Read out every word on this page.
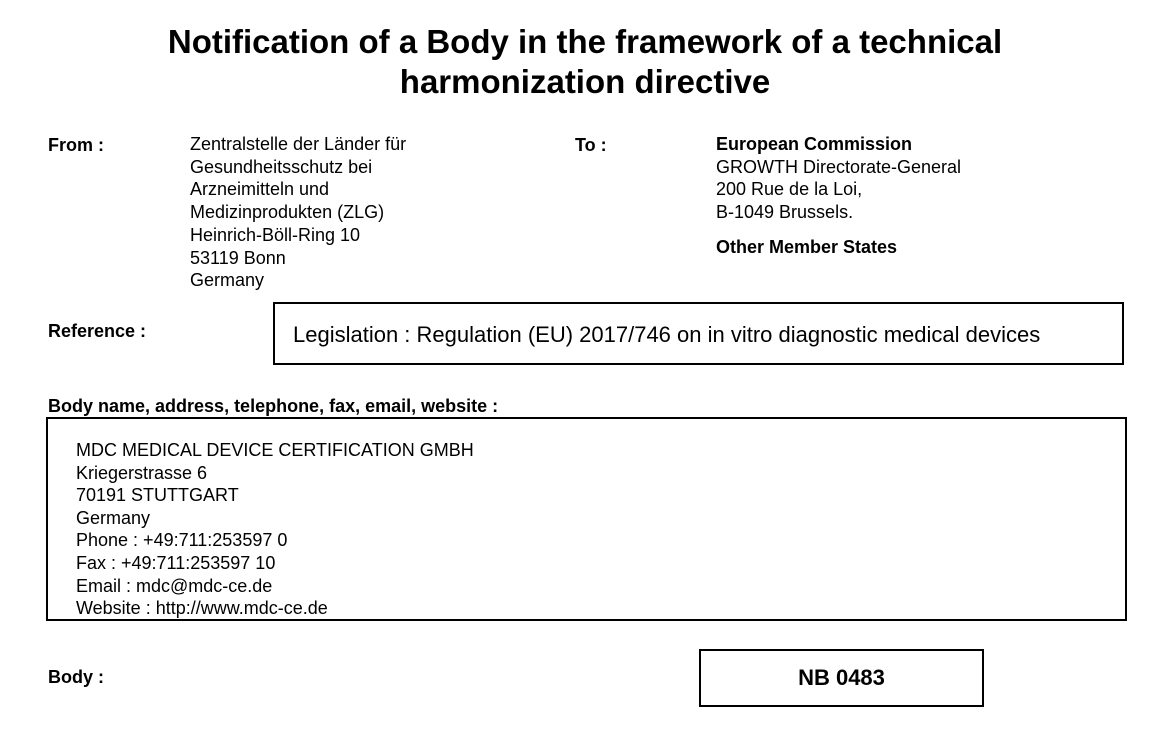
Notification of a Body in the framework of a technical
harmonization directive
From :	Zentralstelle der Länder für
Gesundheitsschutz bei
Arzneimitteln und
Medizinprodukten (ZLG)
Heinrich-Böll-Ring 10
53119 Bonn
Germany
To :	European Commission
GROWTH Directorate-General
200 Rue de la Loi,
B-1049 Brussels.
Other Member States
Reference :	Legislation : Regulation (EU) 2017/746 on in vitro diagnostic medical devices
Body name, address, telephone, fax, email, website :
MDC MEDICAL DEVICE CERTIFICATION GMBH
Kriegerstrasse 6
70191 STUTTGART
Germany
Phone : +49:711:253597 0
Fax : +49:711:253597 10
Email : mdc@mdc-ce.de
Website : http://www.mdc-ce.de
Body :	NB 0483
